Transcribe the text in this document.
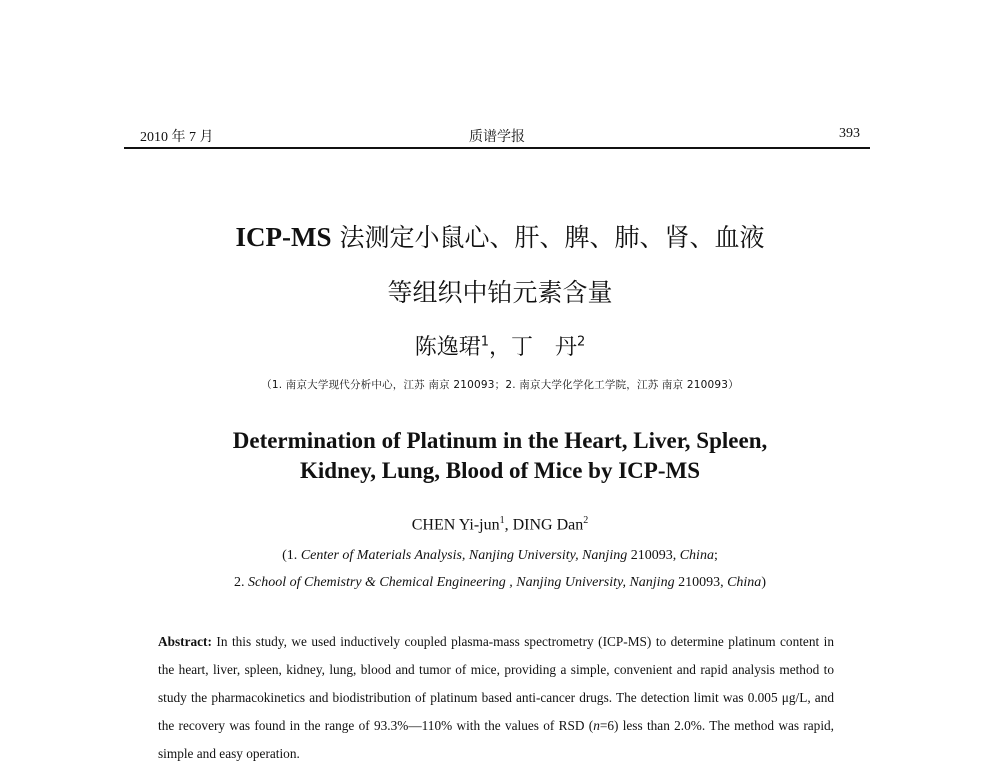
2010 年 7 月	质谱学报	393
ICP-MS 法测定小鼠心、肝、脾、肺、肾、血液
等组织中铂元素含量
陈逸珺$^1$，丁　丹$^2$
（1. 南京大学现代分析中心，江苏 南京 210093；2. 南京大学化学化工学院，江苏 南京 210093）
Determination of Platinum in the Heart, Liver, Spleen,
Kidney, Lung, Blood of Mice by ICP-MS
CHEN Yi-jun$^1$, DING Dan$^2$
(1. Center of Materials Analysis, Nanjing University, Nanjing 210093, China;
2. School of Chemistry & Chemical Engineering , Nanjing University, Nanjing 210093, China)
Abstract: In this study, we used inductively coupled plasma-mass spectrometry (ICP-MS) to determine platinum content in the heart, liver, spleen, kidney, lung, blood and tumor of mice, providing a simple, convenient and rapid analysis method to study the pharmacokinetics and biodistribution of platinum based anti-cancer drugs. The detection limit was 0.005 μg/L, and the recovery was found in the range of 93.3%—110% with the values of RSD (n=6) less than 2.0%. The method was rapid, simple and easy operation.
